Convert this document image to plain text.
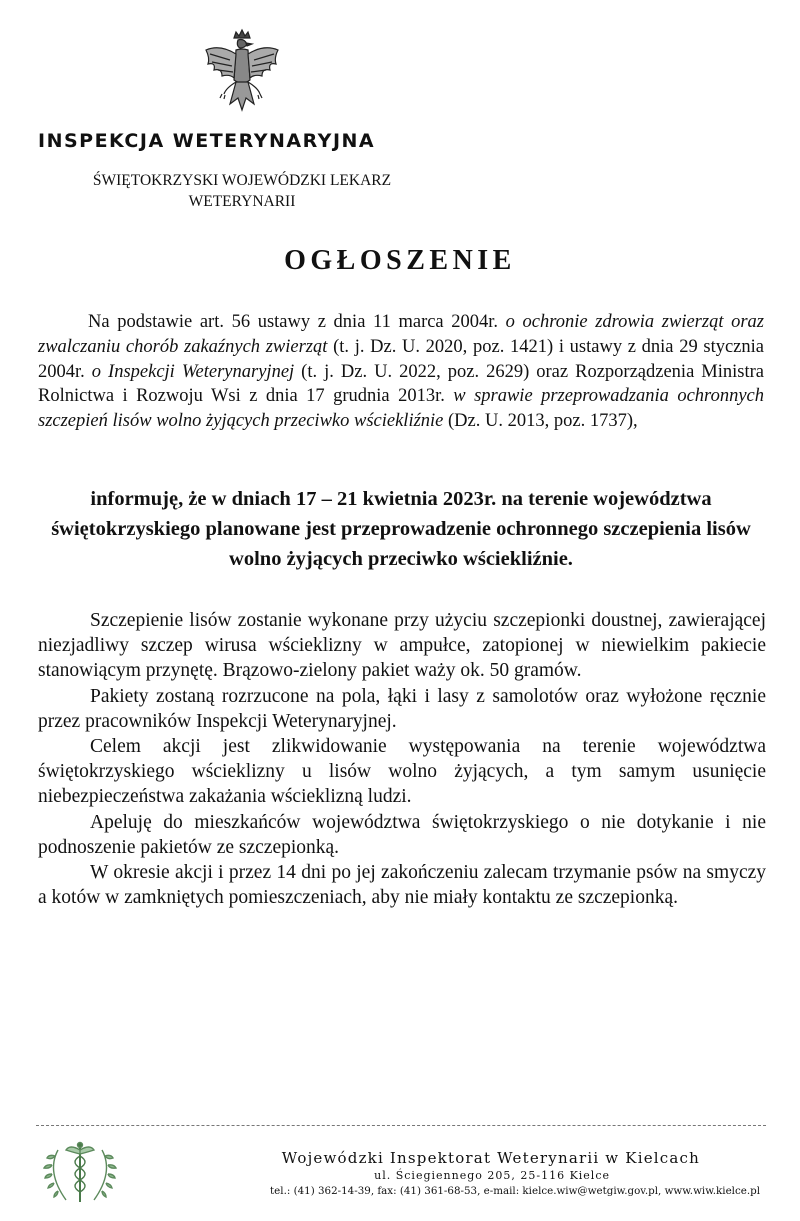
INSPEKCJA WETERYNARYJNA
ŚWIĘTOKRZYSKI WOJEWÓDZKI LEKARZ
WETERYNARII
OGŁOSZENIE

Na podstawie art. 56 ustawy z dnia 11 marca 2004r. o ochronie zdrowia zwierząt oraz zwalczaniu chorób zakaźnych zwierząt (t. j. Dz. U. 2020, poz. 1421) i ustawy z dnia 29 stycznia 2004r. o Inspekcji Weterynaryjnej (t. j. Dz. U. 2022, poz. 2629) oraz Rozporządzenia Ministra Rolnictwa i Rozwoju Wsi z dnia 17 grudnia 2013r. w sprawie przeprowadzania ochronnych szczepień lisów wolno żyjących przeciwko wściekliźnie (Dz. U. 2013, poz. 1737),

informuję, że w dniach 17 – 21 kwietnia 2023r. na terenie województwa świętokrzyskiego planowane jest przeprowadzenie ochronnego szczepienia lisów wolno żyjących przeciwko wściekliźnie.

Szczepienie lisów zostanie wykonane przy użyciu szczepionki doustnej, zawierającej niezjadliwy szczep wirusa wścieklizny w ampułce, zatopionej w niewielkim pakiecie stanowiącym przynętę. Brązowo-zielony pakiet waży ok. 50 gramów.

Pakiety zostaną rozrzucone na pola, łąki i lasy z samolotów oraz wyłożone ręcznie przez pracowników Inspekcji Weterynaryjnej.

Celem akcji jest zlikwidowanie występowania na terenie województwa świętokrzyskiego wścieklizny u lisów wolno żyjących, a tym samym usunięcie niebezpieczeństwa zakażania wścieklizną ludzi.

Apeluję do mieszkańców województwa świętokrzyskiego o nie dotykanie i nie podnoszenie pakietów ze szczepionką.

W okresie akcji i przez 14 dni po jej zakończeniu zalecam trzymanie psów na smyczy a kotów w zamkniętych pomieszczeniach, aby nie miały kontaktu ze szczepionką.

Wojewódzki Inspektorat Weterynarii w Kielcach

ul. Ściegiennego 205, 25-116 Kielce

tel.: (41) 362-14-39, fax: (41) 361-68-53, e-mail: kielce.wiw@wetgiw.gov.pl, www.wiw.kielce.pl
